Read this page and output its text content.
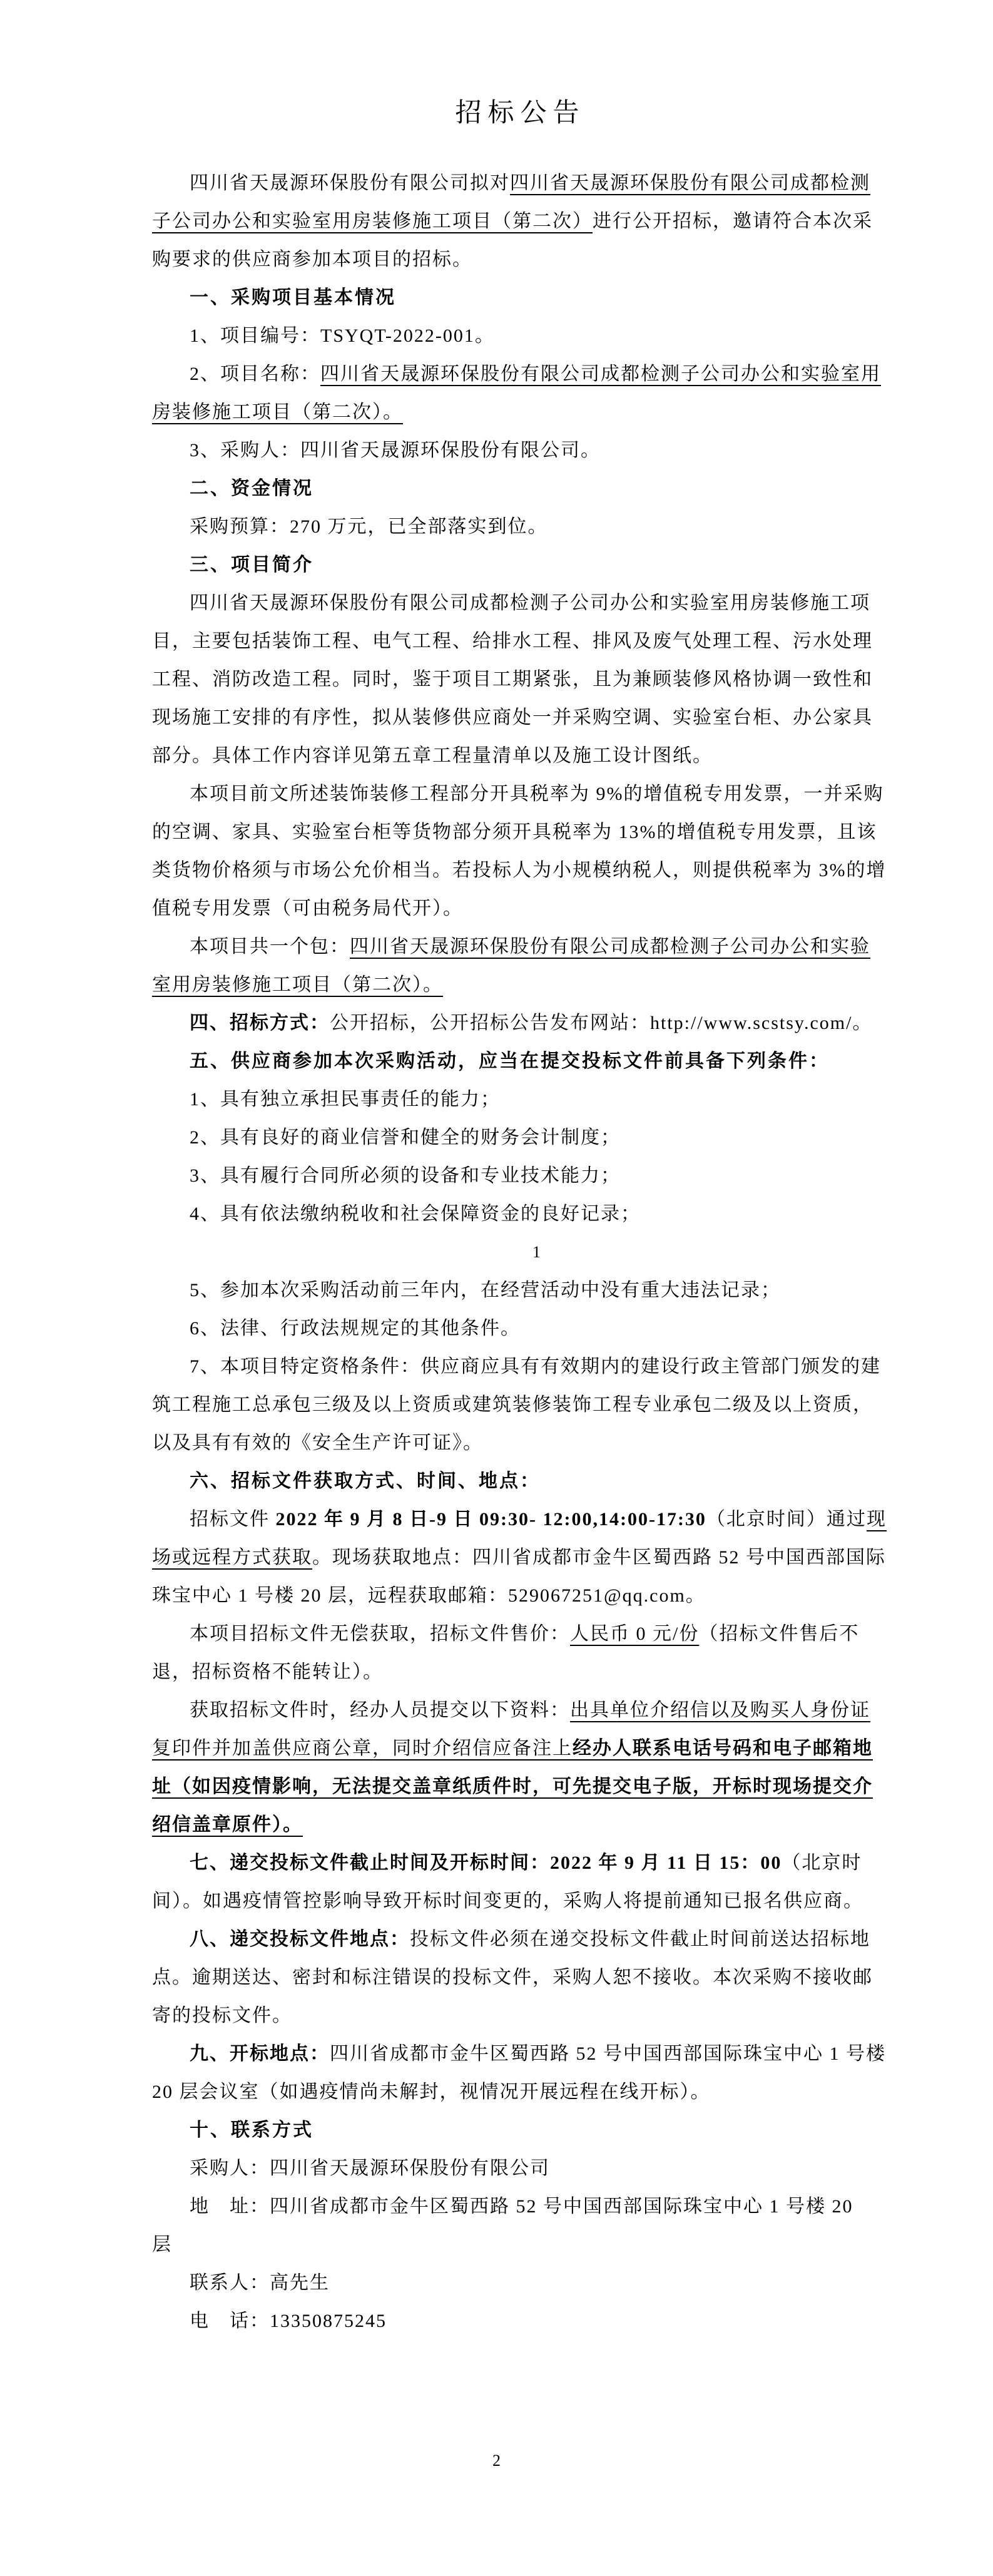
招标公告

四川省天晟源环保股份有限公司拟对四川省天晟源环保股份有限公司成都检测子公司办公和实验室用房装修施工项目（第二次）进行公开招标，邀请符合本次采购要求的供应商参加本项目的招标。

一、采购项目基本情况

1、项目编号：TSYQT-2022-001。

2、项目名称：四川省天晟源环保股份有限公司成都检测子公司办公和实验室用房装修施工项目（第二次）。

3、采购人：四川省天晟源环保股份有限公司。

二、资金情况

采购预算：270 万元，已全部落实到位。

三、项目简介

四川省天晟源环保股份有限公司成都检测子公司办公和实验室用房装修施工项目，主要包括装饰工程、电气工程、给排水工程、排风及废气处理工程、污水处理工程、消防改造工程。同时，鉴于项目工期紧张，且为兼顾装修风格协调一致性和现场施工安排的有序性，拟从装修供应商处一并采购空调、实验室台柜、办公家具部分。具体工作内容详见第五章工程量清单以及施工设计图纸。

本项目前文所述装饰装修工程部分开具税率为 9%的增值税专用发票，一并采购的空调、家具、实验室台柜等货物部分须开具税率为 13%的增值税专用发票，且该类货物价格须与市场公允价相当。若投标人为小规模纳税人，则提供税率为 3%的增值税专用发票（可由税务局代开）。

本项目共一个包：四川省天晟源环保股份有限公司成都检测子公司办公和实验室用房装修施工项目（第二次）。

四、招标方式：公开招标，公开招标公告发布网站：http://www.scstsy.com/。

五、供应商参加本次采购活动，应当在提交投标文件前具备下列条件：

1、具有独立承担民事责任的能力；

2、具有良好的商业信誉和健全的财务会计制度；

3、具有履行合同所必须的设备和专业技术能力；

4、具有依法缴纳税收和社会保障资金的良好记录；

1

5、参加本次采购活动前三年内，在经营活动中没有重大违法记录；

6、法律、行政法规规定的其他条件。

7、本项目特定资格条件：供应商应具有有效期内的建设行政主管部门颁发的建筑工程施工总承包三级及以上资质或建筑装修装饰工程专业承包二级及以上资质，以及具有有效的《安全生产许可证》。

六、招标文件获取方式、时间、地点：

招标文件 2022 年 9 月 8 日-9 日 09:30- 12:00,14:00-17:30（北京时间）通过现场或远程方式获取。现场获取地点：四川省成都市金牛区蜀西路 52 号中国西部国际珠宝中心 1 号楼 20 层，远程获取邮箱：529067251@qq.com。

本项目招标文件无偿获取，招标文件售价：人民币 0 元/份（招标文件售后不退，招标资格不能转让）。

获取招标文件时，经办人员提交以下资料：出具单位介绍信以及购买人身份证复印件并加盖供应商公章，同时介绍信应备注上经办人联系电话号码和电子邮箱地址（如因疫情影响，无法提交盖章纸质件时，可先提交电子版，开标时现场提交介绍信盖章原件）。

七、递交投标文件截止时间及开标时间：2022 年 9 月 11 日 15：00（北京时间）。如遇疫情管控影响导致开标时间变更的，采购人将提前通知已报名供应商。

八、递交投标文件地点：投标文件必须在递交投标文件截止时间前送达招标地点。逾期送达、密封和标注错误的投标文件，采购人恕不接收。本次采购不接收邮寄的投标文件。

九、开标地点：四川省成都市金牛区蜀西路 52 号中国西部国际珠宝中心 1 号楼 20 层会议室（如遇疫情尚未解封，视情况开展远程在线开标）。

十、联系方式

采购人：四川省天晟源环保股份有限公司

地　址：四川省成都市金牛区蜀西路 52 号中国西部国际珠宝中心 1 号楼 20

层

联系人：高先生

电　话：13350875245

2
